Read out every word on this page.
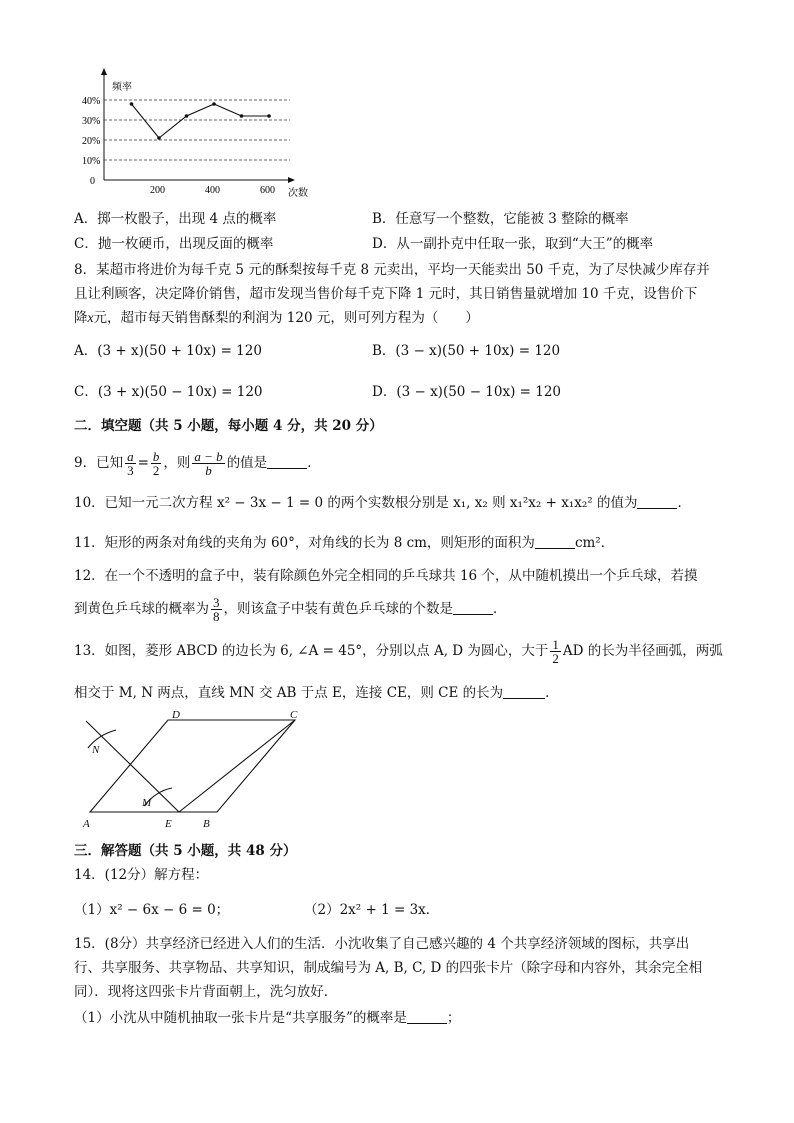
频率
次数
0
10%
20%
30%
40%
200	400	600
A．掷一枚骰子，出现 4 点的概率	B．任意写一个整数，它能被 3 整除的概率
C．抛一枚硬币，出现反面的概率	D．从一副扑克中任取一张，取到“大王”的概率
8．某超市将进价为每千克 5 元的酥梨按每千克 8 元卖出，平均一天能卖出 50 千克，为了尽快减少库存并
且让利顾客，决定降价销售，超市发现当售价每千克下降 1 元时，其日销售量就增加 10 千克，设售价下
降x元，超市每天销售酥梨的利润为 120 元，则可列方程为（　　）
A．(3 + x)(50 + 10x) = 120	B．(3 − x)(50 + 10x) = 120
C．(3 + x)(50 − 10x) = 120	D．(3 − x)(50 − 10x) = 120
二．填空题（共 5 小题，每小题 4 分，共 20 分）
9．已知 $\frac{a}{3} = \frac{b}{2}$ ，则 $\frac{a - b}{b}$ 的值是	．
10．已知一元二次方程 x² − 3x − 1 = 0 的两个实数根分别是 x₁, x₂ 则 x₁²x₂ + x₁x₂² 的值为	．
11．矩形的两条对角线的夹角为 60°，对角线的长为 8 cm，则矩形的面积为	cm²．
12．在一个不透明的盒子中，装有除颜色外完全相同的乒乓球共 16 个，从中随机摸出一个乒乓球，若摸
到黄色乒乓球的概率为 $\frac{3}{8}$ ，则该盒子中装有黄色乒乓球的个数是	．
13．如图，菱形 ABCD 的边长为 6, ∠A = 45°，分别以点 A, D 为圆心，大于 $\frac{1}{2}$ AD 的长为半径画弧，两弧
相交于 M, N 两点，直线 MN 交 AB 于点 E，连接 CE，则 CE 的长为	．
D	C
N
M
A	E	B
三．解答题（共 5 小题，共 48 分）
14．(12分）解方程：
（1）x² − 6x − 6 = 0；	（2）2x² + 1 = 3x．
15．(8分）共享经济已经进入人们的生活．小沈收集了自己感兴趣的 4 个共享经济领域的图标，共享出
行、共享服务、共享物品、共享知识，制成编号为 A, B, C, D 的四张卡片（除字母和内容外，其余完全相
同）．现将这四张卡片背面朝上，洗匀放好．
（1）小沈从中随机抽取一张卡片是“共享服务”的概率是	；
